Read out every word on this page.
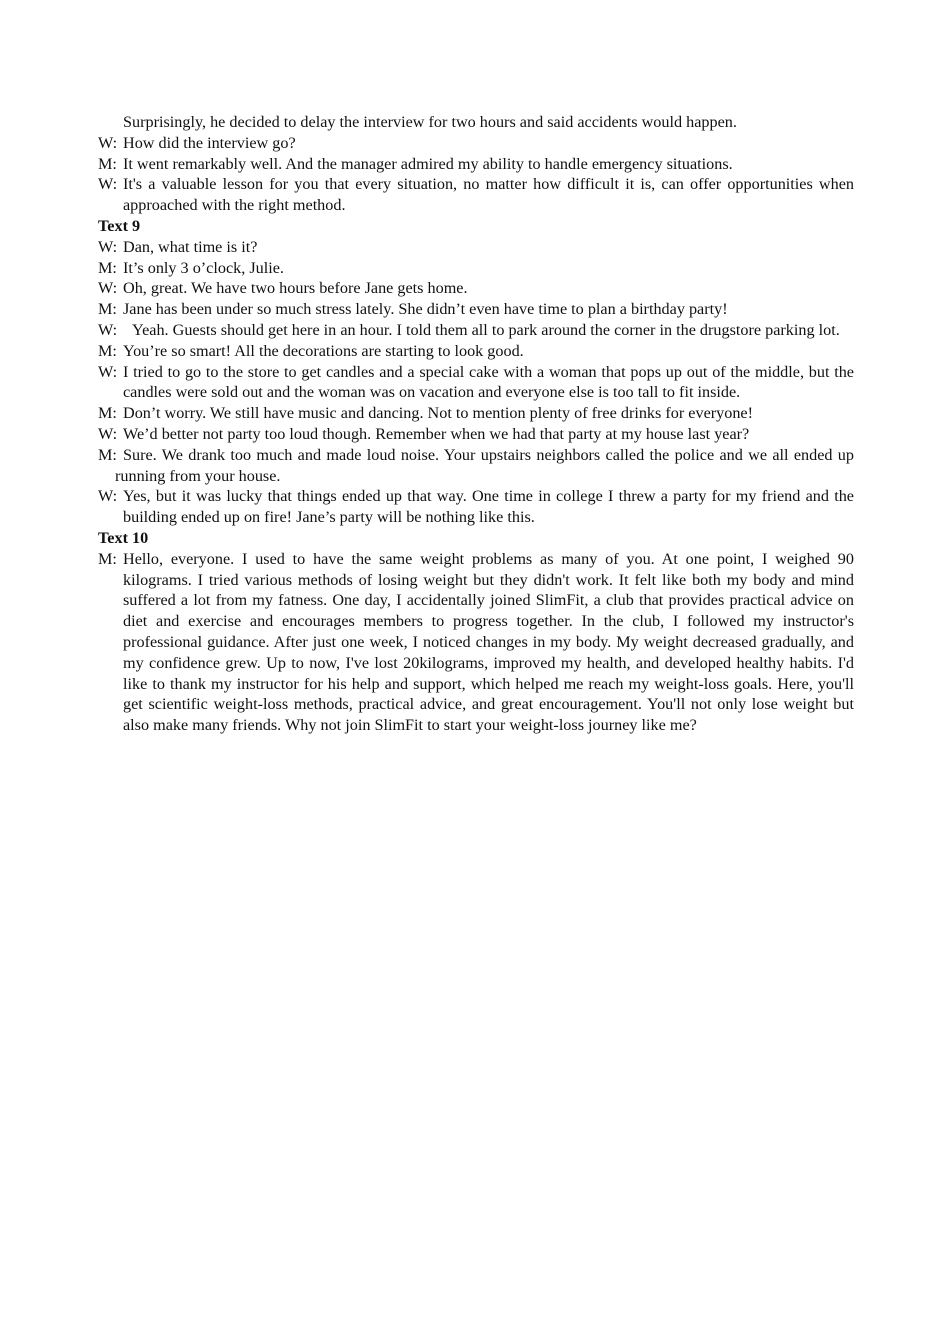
Surprisingly, he decided to delay the interview for two hours and said accidents would happen.
W: How did the interview go?
M: It went remarkably well. And the manager admired my ability to handle emergency situations.
W: It's a valuable lesson for you that every situation, no matter how difficult it is, can offer opportunities when approached with the right method.
Text 9
W: Dan, what time is it?
M: It’s only 3 o’clock, Julie.
W: Oh, great. We have two hours before Jane gets home.
M: Jane has been under so much stress lately. She didn’t even have time to plan a birthday party!
W: Yeah. Guests should get here in an hour. I told them all to park around the corner in the drugstore parking lot.
M: You’re so smart! All the decorations are starting to look good.
W: I tried to go to the store to get candles and a special cake with a woman that pops up out of the middle, but the candles were sold out and the woman was on vacation and everyone else is too tall to fit inside.
M: Don’t worry. We still have music and dancing. Not to mention plenty of free drinks for everyone!
W: We’d better not party too loud though. Remember when we had that party at my house last year?
M: Sure. We drank too much and made loud noise. Your upstairs neighbors called the police and we all ended up running from your house.
W: Yes, but it was lucky that things ended up that way. One time in college I threw a party for my friend and the building ended up on fire! Jane’s party will be nothing like this.
Text 10
M: Hello, everyone. I used to have the same weight problems as many of you. At one point, I weighed 90 kilograms. I tried various methods of losing weight but they didn't work. It felt like both my body and mind suffered a lot from my fatness. One day, I accidentally joined SlimFit, a club that provides practical advice on diet and exercise and encourages members to progress together. In the club, I followed my instructor's professional guidance. After just one week, I noticed changes in my body. My weight decreased gradually, and my confidence grew. Up to now, I've lost 20kilograms, improved my health, and developed healthy habits. I'd like to thank my instructor for his help and support, which helped me reach my weight-loss goals. Here, you'll get scientific weight-loss methods, practical advice, and great encouragement. You'll not only lose weight but also make many friends. Why not join SlimFit to start your weight-loss journey like me?
